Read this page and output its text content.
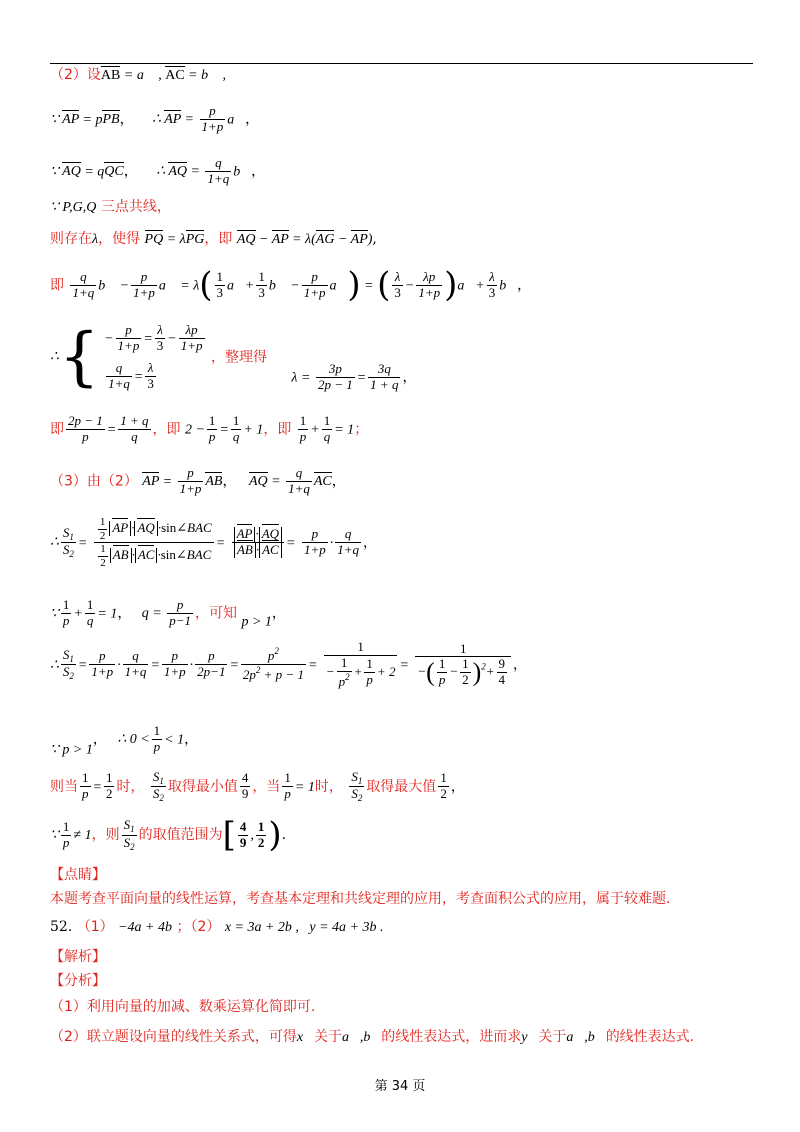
（2）设AB = a⃗ , AC = b⃗ ,
∵ AP = pPB， ∴ AP = $\frac{p}{1+p}$ a⃗，
∵ AQ = qQC， ∴ AQ = $\frac{q}{1+q}$ b⃗，
∵ P,G,Q 三点共线，
则存在λ，使得 PQ = λPG，即 AQ − AP = λ(AG − AP),
即 $\frac{q}{1+q}$ b⃗ − $\frac{p}{1+p}$ a⃗ = $\lambda( \frac{1}{3}$ a⃗+ $\frac{1}{3}$ b⃗ − $\frac{p}{1+p}$ a⃗) = ( $\frac{\lambda}{3} - \frac{\lambda p}{1+p}$ )a⃗+ $\frac{\lambda}{3}$ b⃗，
∴{ − $\frac{p}{1+p} = \frac{\lambda}{3} - \frac{\lambda p}{1+p}$
$\frac{q}{1+q} = \frac{\lambda}{3}$
，整理得 $\lambda = \frac{3p}{2p - 1} = \frac{3q}{1 + q}$ ，
即 $\frac{2p - 1}{p} = \frac{1 + q}{q}$ ，即 $2 - \frac{1}{p} = \frac{1}{q} + 1$，即 $\frac{1}{p} + \frac{1}{q} = 1$；
（3）由（2） AP = $\frac{p}{1+p}$ AB， AQ = $\frac{q}{1+q}$ AC，
∴ $\frac{S_1}{S_2} = \frac{\frac{1}{2} AP \cdot AQ \cdot\sin\angle BAC}{\frac{1}{2} AB \cdot AC \cdot\sin\angle BAC} = \frac{AP \cdot AQ}{AB \cdot AC} = \frac{p}{1+p} \cdot \frac{q}{1+q}$ ，
∵ $\frac{1}{p} + \frac{1}{q} = 1$， $q = \frac{p}{p-1}$ ，可知 p > 1，
∴ $\frac{S_1}{S_2} = \frac{p}{1+p} \cdot \frac{q}{1+q} = \frac{p}{1+p} \cdot \frac{p}{2p-1} = \frac{p^2}{2p^2 + p - 1} = \frac{1}{- \frac{1}{p^2} + \frac{1}{p} + 2} = \frac{1}{-( \frac{1}{p} - \frac{1}{2} )^2+ \frac{9}{4}}$ ，
∵ p > 1， ∴ $0 < \frac{1}{p} < 1$，
则当 $\frac{1}{p} = \frac{1}{2}$ 时， $\frac{S_1}{S_2}$ 取得最小值 $\frac{4}{9}$ ，当 $\frac{1}{p} = 1$时， $\frac{S_1}{S_2}$ 取得最大值 $\frac{1}{2}$ ，
∵ $\frac{1}{p} \ne 1$，则 $\frac{S_1}{S_2}$ 的取值范围为[ $\frac{4}{9}$ , $\frac{1}{2}$ ).
【点睛】
本题考查平面向量的线性运算，考查基本定理和共线定理的应用，考查面积公式的应用，属于较难题.
52. （1） −4a + 4b ；（2） x = 3a + 2b , y = 4a + 3b .
【解析】
【分析】
（1）利用向量的加减、数乘运算化简即可.
（2）联立题设向量的线性关系式，可得x⃗关于a⃗,b⃗的线性表达式，进而求y⃗关于a⃗,b⃗的线性表达式.
第 34 页
